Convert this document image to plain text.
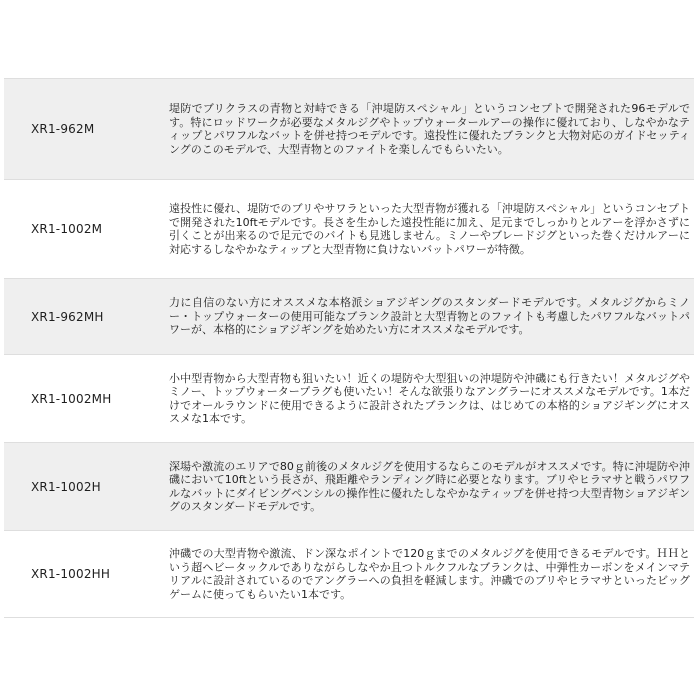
XR1-962M
堤防でブリクラスの青物と対峙できる「沖堤防スペシャル」というコンセプトで開発された96モデルです。特にロッドワークが必要なメタルジグやトップウォータールアーの操作に優れており、しなやかなティップとパワフルなバットを併せ持つモデルです。遠投性に優れたブランクと大物対応のガイドセッティングのこのモデルで、大型青物とのファイトを楽しんでもらいたい。
XR1-1002M
遠投性に優れ、堤防でのブリやサワラといった大型青物が獲れる「沖堤防スペシャル」というコンセプトで開発された10ftモデルです。長さを生かした遠投性能に加え、足元までしっかりとルアーを浮かさずに引くことが出来るので足元でのバイトも見逃しません。ミノーやブレードジグといった巻くだけルアーに対応するしなやかなティップと大型青物に負けないバットパワーが特徴。
XR1-962MH
力に自信のない方にオススメな本格派ショアジギングのスタンダードモデルです。メタルジグからミノー・トップウォーターの使用可能なブランク設計と大型青物とのファイトも考慮したパワフルなバットパワーが、本格的にショアジギングを始めたい方にオススメなモデルです。
XR1-1002MH
小中型青物から大型青物も狙いたい！近くの堤防や大型狙いの沖堤防や沖磯にも行きたい！メタルジグやミノー、トップウォータープラグも使いたい！そんな欲張りなアングラーにオススメなモデルです。1本だけでオールラウンドに使用できるように設計されたブランクは、はじめての本格的ショアジギングにオススメな1本です。
XR1-1002H
深場や激流のエリアで80ｇ前後のメタルジグを使用するならこのモデルがオススメです。特に沖堤防や沖磯において10ftという長さが、飛距離やランディング時に必要となります。ブリやヒラマサと戦うパワフルなバットにダイビングペンシルの操作性に優れたしなやかなティップを併せ持つ大型青物ショアジギングのスタンダードモデルです。
XR1-1002HH
沖磯での大型青物や激流、ドン深なポイントで120ｇまでのメタルジグを使用できるモデルです。ＨＨという超ヘビータックルでありながらしなやか且つトルクフルなブランクは、中弾性カーボンをメインマテリアルに設計されているのでアングラーへの負担を軽減します。沖磯でのブリやヒラマサといったビッグゲームに使ってもらいたい1本です。
